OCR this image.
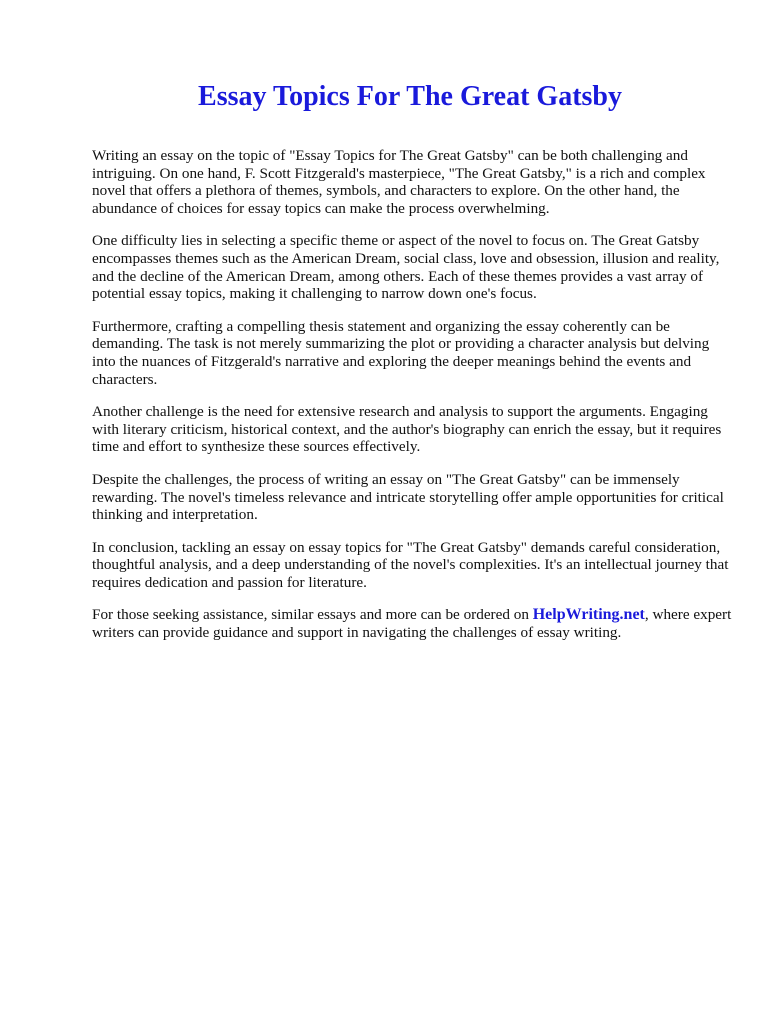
Essay Topics For The Great Gatsby

Writing an essay on the topic of "Essay Topics for The Great Gatsby" can be both challenging and intriguing. On one hand, F. Scott Fitzgerald's masterpiece, "The Great Gatsby," is a rich and complex novel that offers a plethora of themes, symbols, and characters to explore. On the other hand, the abundance of choices for essay topics can make the process overwhelming.

One difficulty lies in selecting a specific theme or aspect of the novel to focus on. The Great Gatsby encompasses themes such as the American Dream, social class, love and obsession, illusion and reality, and the decline of the American Dream, among others. Each of these themes provides a vast array of potential essay topics, making it challenging to narrow down one's focus.

Furthermore, crafting a compelling thesis statement and organizing the essay coherently can be demanding. The task is not merely summarizing the plot or providing a character analysis but delving into the nuances of Fitzgerald's narrative and exploring the deeper meanings behind the events and characters.

Another challenge is the need for extensive research and analysis to support the arguments. Engaging with literary criticism, historical context, and the author's biography can enrich the essay, but it requires time and effort to synthesize these sources effectively.

Despite the challenges, the process of writing an essay on "The Great Gatsby" can be immensely rewarding. The novel's timeless relevance and intricate storytelling offer ample opportunities for critical thinking and interpretation.

In conclusion, tackling an essay on essay topics for "The Great Gatsby" demands careful consideration, thoughtful analysis, and a deep understanding of the novel's complexities. It's an intellectual journey that requires dedication and passion for literature.

For those seeking assistance, similar essays and more can be ordered on HelpWriting.net, where expert writers can provide guidance and support in navigating the challenges of essay writing.
